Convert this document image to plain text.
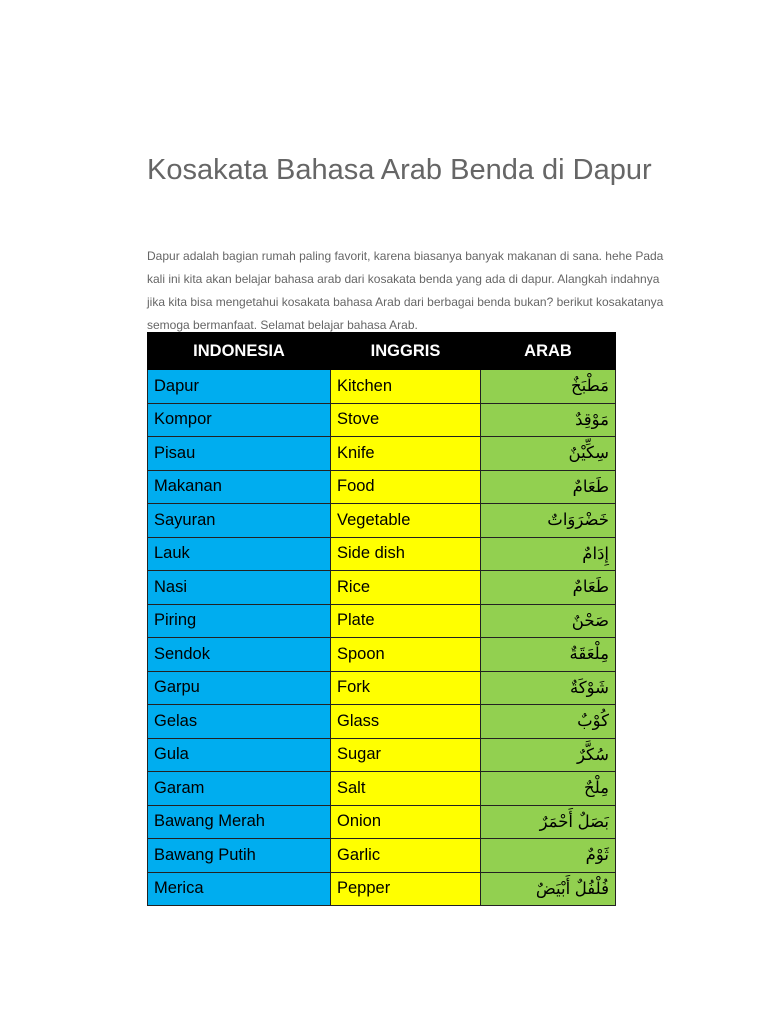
Kosakata Bahasa Arab Benda di Dapur

Dapur adalah bagian rumah paling favorit, karena biasanya banyak makanan di sana. hehe Pada kali ini kita akan belajar bahasa arab dari kosakata benda yang ada di dapur. Alangkah indahnya jika kita bisa mengetahui kosakata bahasa Arab dari berbagai benda bukan? berikut kosakatanya semoga bermanfaat. Selamat belajar bahasa Arab.

INDONESIA	INGGRIS	ARAB
Dapur	Kitchen	مَطْبَخٌ
Kompor	Stove	مَوْقِدٌ
Pisau	Knife	سِكِّيْنٌ
Makanan	Food	طَعَامٌ
Sayuran	Vegetable	خَضْرَوَاتٌ
Lauk	Side dish	إِدَامٌ
Nasi	Rice	طَعَامٌ
Piring	Plate	صَحْنٌ
Sendok	Spoon	مِلْعَقَةٌ
Garpu	Fork	شَوْكَةٌ
Gelas	Glass	كُوْبٌ
Gula	Sugar	سُكَّرٌ
Garam	Salt	مِلْحٌ
Bawang Merah	Onion	بَصَلٌ أَحْمَرٌ
Bawang Putih	Garlic	ثَوْمٌ
Merica	Pepper	فُلْفُلٌ أَبْيَضٌ
